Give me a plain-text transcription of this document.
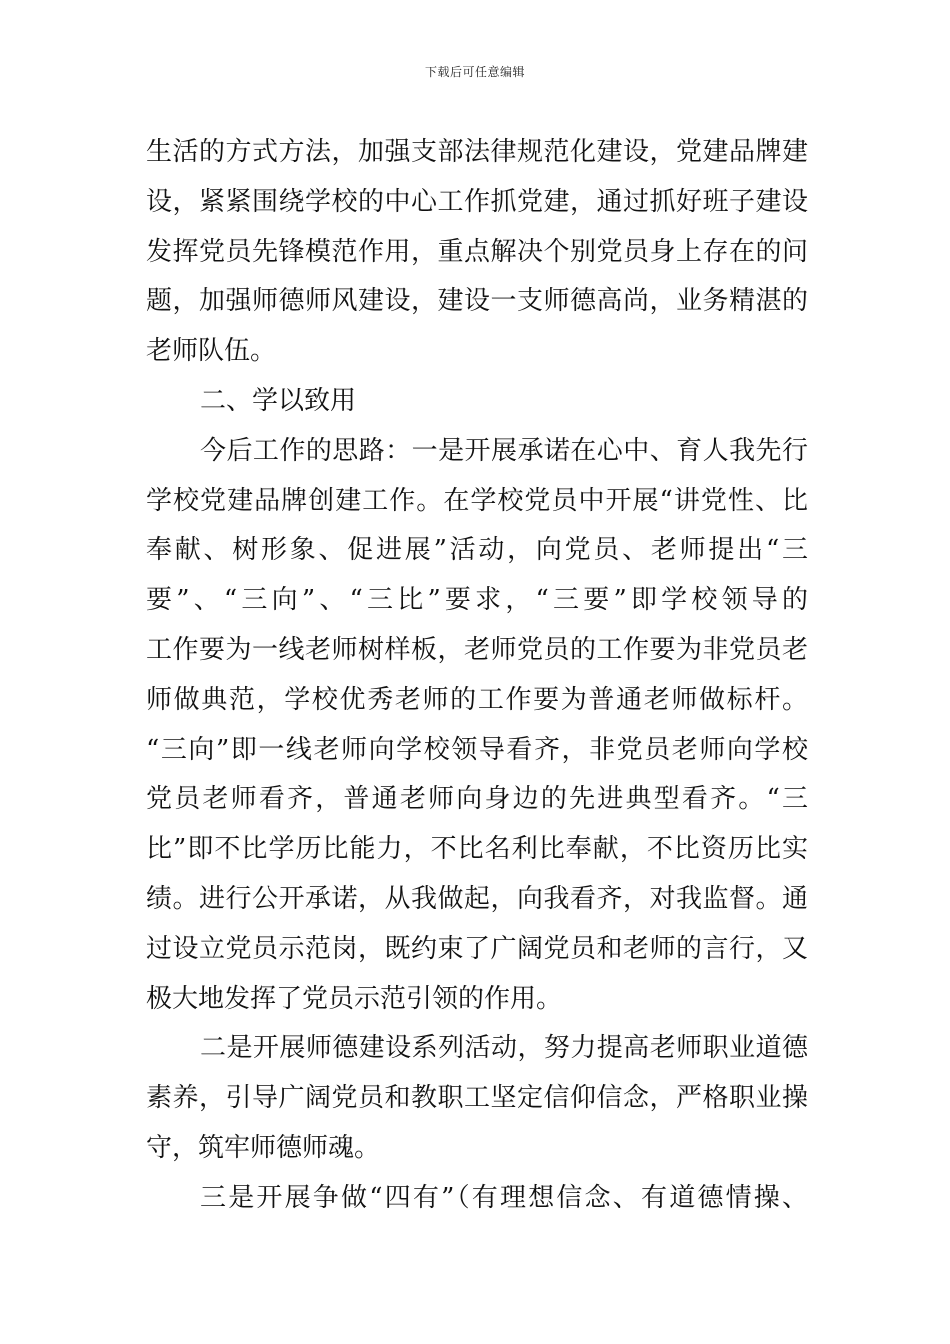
下载后可任意编辑
生活的方式方法，加强支部法律规范化建设，党建品牌建
设，紧紧围绕学校的中心工作抓党建，通过抓好班子建设
发挥党员先锋模范作用，重点解决个别党员身上存在的问
题，加强师德师风建设，建设一支师德高尚，业务精湛的
老师队伍。
二、学以致用
今后工作的思路：一是开展承诺在心中、育人我先行
学校党建品牌创建工作。在学校党员中开展“讲党性、比
奉献、树形象、促进展”活动，向党员、老师提出“三
要”、“三向”、“三比”要求，“三要”即学校领导的
工作要为一线老师树样板，老师党员的工作要为非党员老
师做典范，学校优秀老师的工作要为普通老师做标杆。
“三向”即一线老师向学校领导看齐，非党员老师向学校
党员老师看齐，普通老师向身边的先进典型看齐。“三
比”即不比学历比能力，不比名利比奉献，不比资历比实
绩。进行公开承诺，从我做起，向我看齐，对我监督。通
过设立党员示范岗，既约束了广阔党员和老师的言行，又
极大地发挥了党员示范引领的作用。
二是开展师德建设系列活动，努力提高老师职业道德
素养，引导广阔党员和教职工坚定信仰信念，严格职业操
守，筑牢师德师魂。
三是开展争做“四有”（有理想信念、有道德情操、
